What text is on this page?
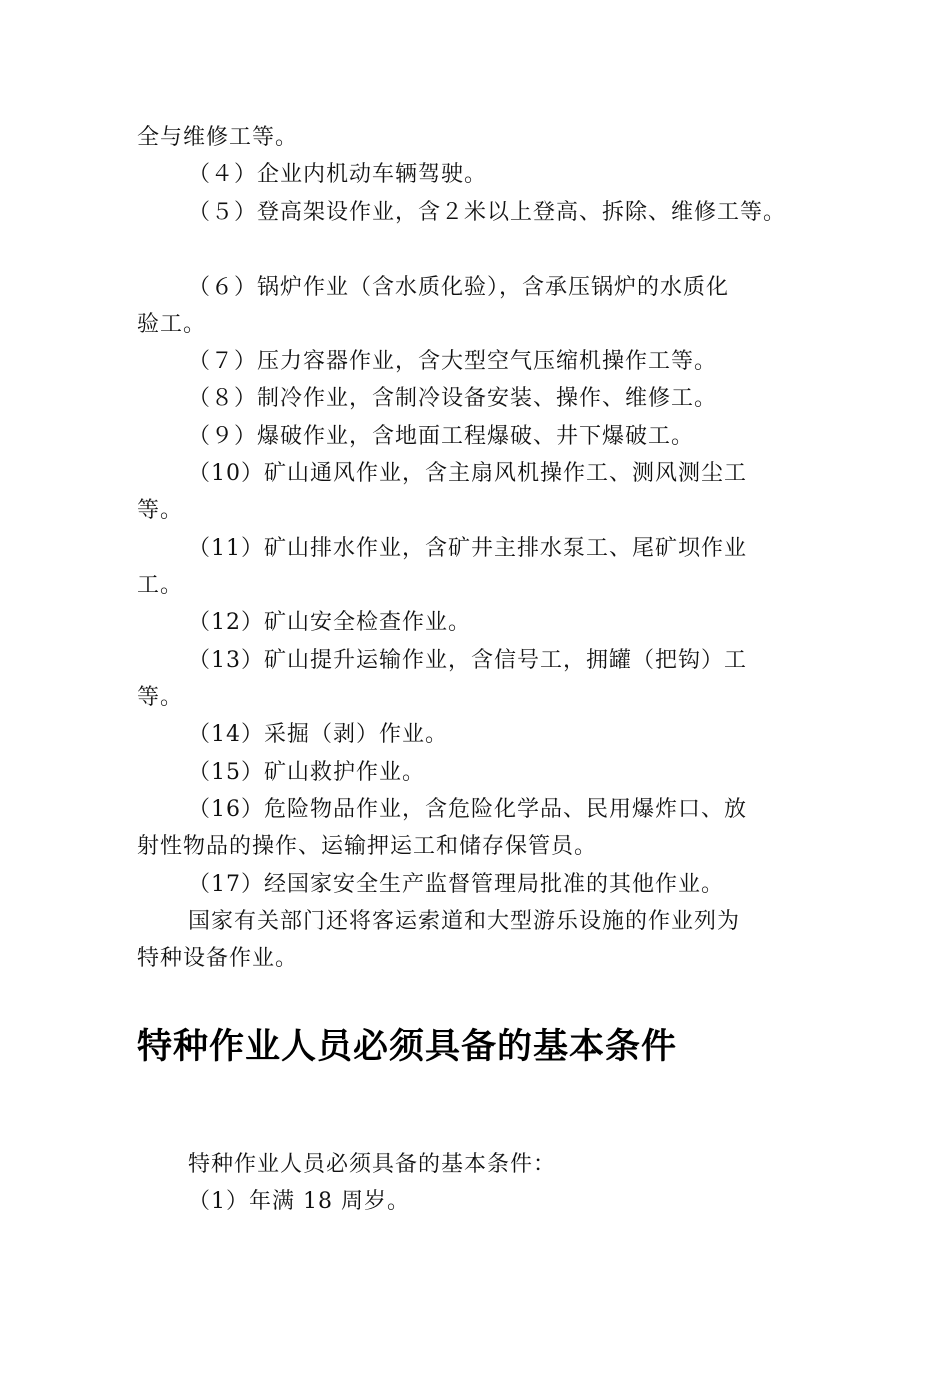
全与维修工等。

（４）企业内机动车辆驾驶。

（５）登高架设作业，含２米以上登高、拆除、维修工等。

（６）锅炉作业（含水质化验），含承压锅炉的水质化

验工。

（７）压力容器作业，含大型空气压缩机操作工等。

（８）制冷作业，含制冷设备安装、操作、维修工。

（９）爆破作业，含地面工程爆破、井下爆破工。

（10）矿山通风作业，含主扇风机操作工、测风测尘工

等。

（11）矿山排水作业，含矿井主排水泵工、尾矿坝作业

工。

（12）矿山安全检查作业。

（13）矿山提升运输作业，含信号工，拥罐（把钩）工

等。

（14）采掘（剥）作业。

（15）矿山救护作业。

（16）危险物品作业，含危险化学品、民用爆炸口、放

射性物品的操作、运输押运工和储存保管员。

（17）经国家安全生产监督管理局批准的其他作业。

国家有关部门还将客运索道和大型游乐设施的作业列为

特种设备作业。

特种作业人员必须具备的基本条件

特种作业人员必须具备的基本条件：

（1）年满 18 周岁。
